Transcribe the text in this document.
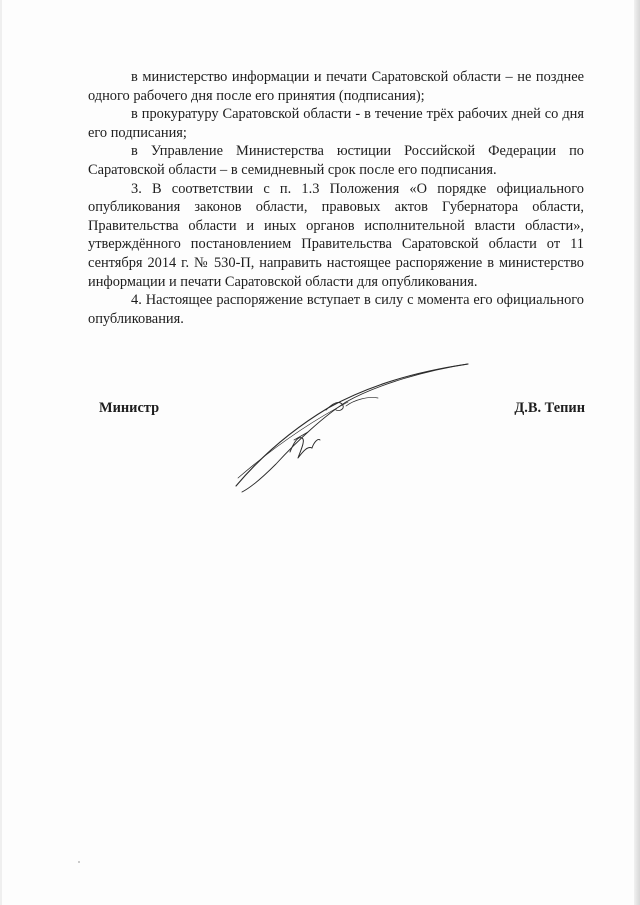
в министерство информации и печати Саратовской области – не позднее одного рабочего дня после его принятия (подписания);

в прокуратуру Саратовской области - в течение трёх рабочих дней со дня его подписания;

в Управление Министерства юстиции Российской Федерации по Саратовской области – в семидневный срок после его подписания.

3. В соответствии с п. 1.3 Положения «О порядке официального опубликования законов области, правовых актов Губернатора области, Правительства области и иных органов исполнительной власти области», утверждённого постановлением Правительства Саратовской области от 11 сентября 2014 г. № 530-П, направить настоящее распоряжение в министерство информации и печати Саратовской области для опубликования.

4. Настоящее распоряжение вступает в силу с момента его официального опубликования.

Министр	Д.В. Тепин
